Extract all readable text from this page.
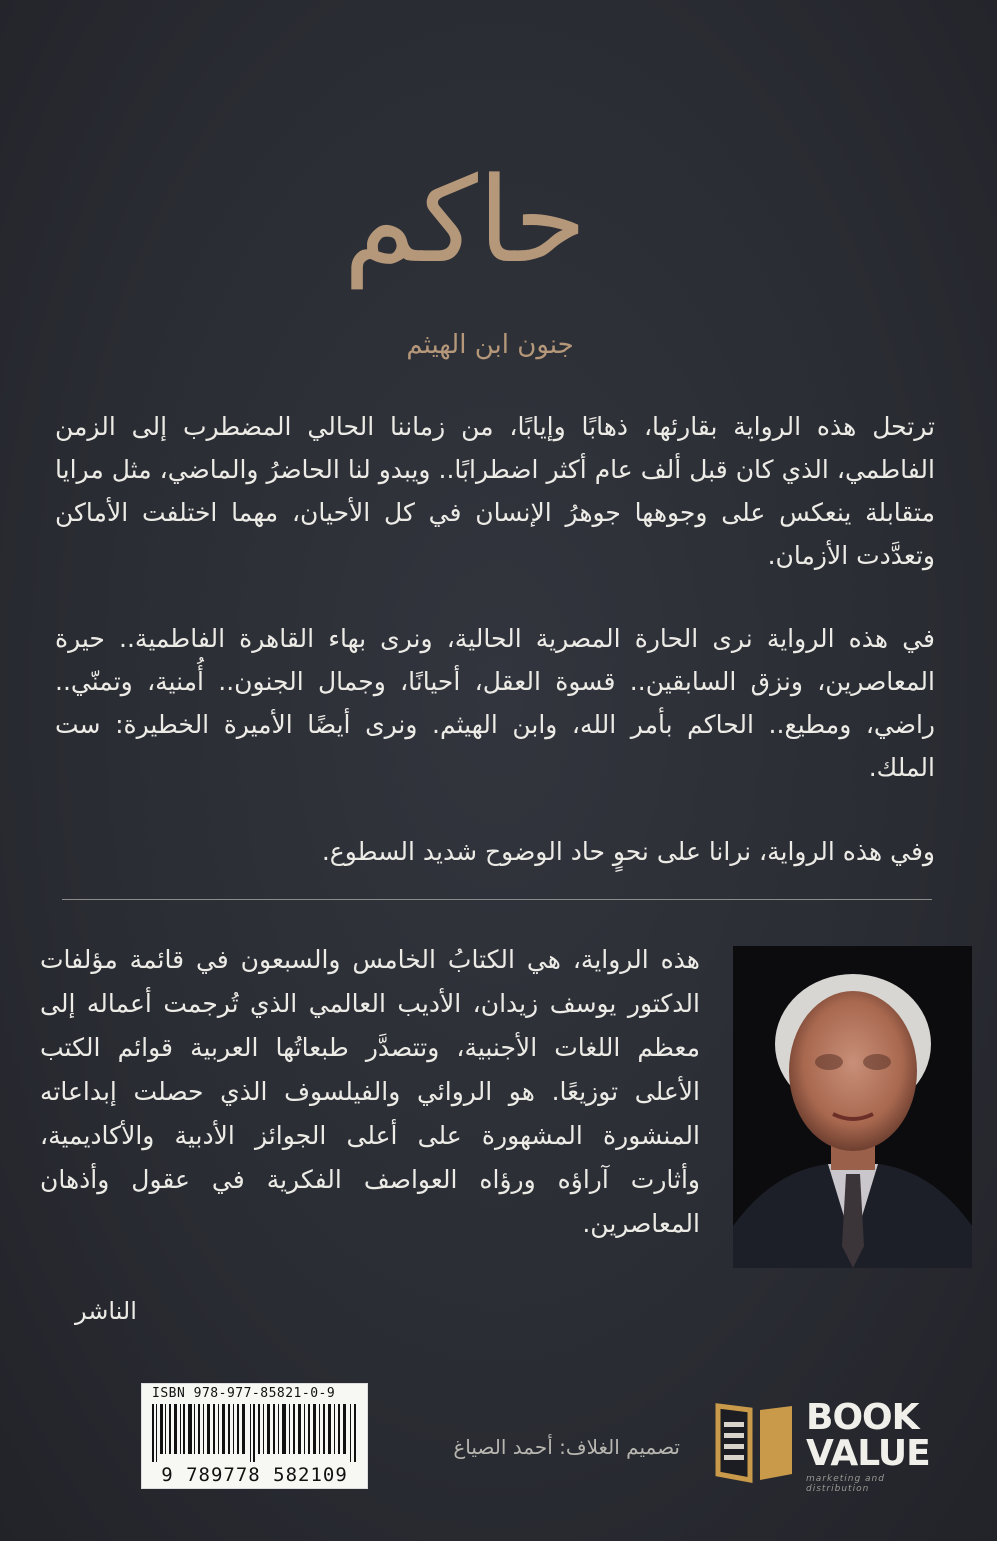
حاكم
جنون ابن الهيثم
ترتحل هذه الرواية بقارئها، ذهابًا وإيابًا، من زماننا الحالي المضطرب إلى الزمن الفاطمي، الذي كان قبل ألف عام أكثر اضطرابًا.. ويبدو لنا الحاضرُ والماضي، مثل مرايا متقابلة ينعكس على وجوهها جوهرُ الإنسان في كل الأحيان، مهما اختلفت الأماكن وتعدَّدت الأزمان.
في هذه الرواية نرى الحارة المصرية الحالية، ونرى بهاء القاهرة الفاطمية.. حيرة المعاصرين، ونزق السابقين.. قسوة العقل، أحيانًا، وجمال الجنون.. أُمنية، وتمنّي.. راضي، ومطيع.. الحاكم بأمر الله، وابن الهيثم. ونرى أيضًا الأميرة الخطيرة: ست الملك.
وفي هذه الرواية، نرانا على نحوٍ حاد الوضوح شديد السطوع.
هذه الرواية، هي الكتابُ الخامس والسبعون في قائمة مؤلفات الدكتور يوسف زيدان، الأديب العالمي الذي تُرجمت أعماله إلى معظم اللغات الأجنبية، وتتصدَّر طبعاتُها العربية قوائم الكتب الأعلى توزيعًا. هو الروائي والفيلسوف الذي حصلت إبداعاته المنشورة المشهورة على أعلى الجوائز الأدبية والأكاديمية، وأثارت آراؤه ورؤاه العواصف الفكرية في عقول وأذهان المعاصرين.
الناشر
ISBN 978-977-85821-0-9
9 789778 582109
تصميم الغلاف: أحمد الصياغ
BOOK
VALUE
marketing and distribution
